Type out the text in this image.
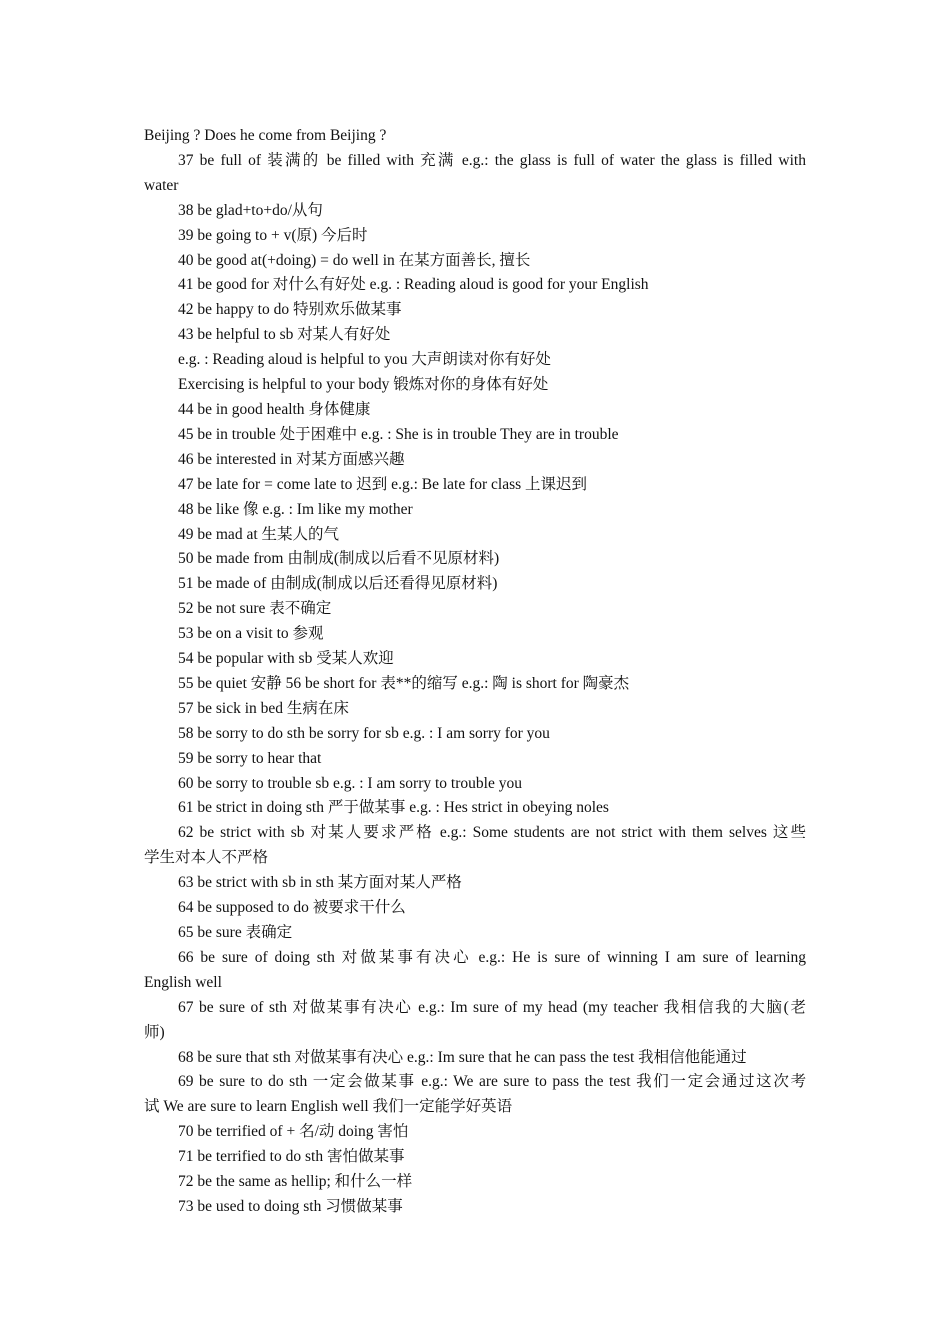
Beijing ? Does he come from Beijing ?
37 be full of 装满的 be filled with 充满 e.g.: the glass is full of water the glass is filled with
water
38 be glad+to+do/从句
39 be going to + v(原) 今后时
40 be good at(+doing) = do well in 在某方面善长, 擅长
41 be good for 对什么有好处 e.g. : Reading aloud is good for your English
42 be happy to do 特别欢乐做某事
43 be helpful to sb 对某人有好处
e.g. : Reading aloud is helpful to you 大声朗读对你有好处
Exercising is helpful to your body 锻炼对你的身体有好处
44 be in good health 身体健康
45 be in trouble 处于困难中 e.g. : She is in trouble They are in trouble
46 be interested in 对某方面感兴趣
47 be late for = come late to 迟到 e.g.: Be late for class 上课迟到
48 be like 像 e.g. : Im like my mother
49 be mad at 生某人的气
50 be made from 由制成(制成以后看不见原材料)
51 be made of 由制成(制成以后还看得见原材料)
52 be not sure 表不确定
53 be on a visit to 参观
54 be popular with sb 受某人欢迎
55 be quiet 安静 56 be short for 表**的缩写 e.g.: 陶 is short for 陶豪杰
57 be sick in bed 生病在床
58 be sorry to do sth be sorry for sb e.g. : I am sorry for you
59 be sorry to hear that
60 be sorry to trouble sb e.g. : I am sorry to trouble you
61 be strict in doing sth 严于做某事 e.g. : Hes strict in obeying noles
62 be strict with sb 对某人要求严格 e.g.: Some students are not strict with them selves 这些
学生对本人不严格
63 be strict with sb in sth 某方面对某人严格
64 be supposed to do 被要求干什么
65 be sure 表确定
66 be sure of doing sth 对做某事有决心 e.g.: He is sure of winning I am sure of learning
English well
67 be sure of sth 对做某事有决心 e.g.: Im sure of my head (my teacher 我相信我的大脑(老
师)
68 be sure that sth 对做某事有决心 e.g.: Im sure that he can pass the test 我相信他能通过
69 be sure to do sth 一定会做某事 e.g.: We are sure to pass the test 我们一定会通过这次考
试 We are sure to learn English well 我们一定能学好英语
70 be terrified of + 名/动 doing 害怕
71 be terrified to do sth 害怕做某事
72 be the same as hellip; 和什么一样
73 be used to doing sth 习惯做某事
